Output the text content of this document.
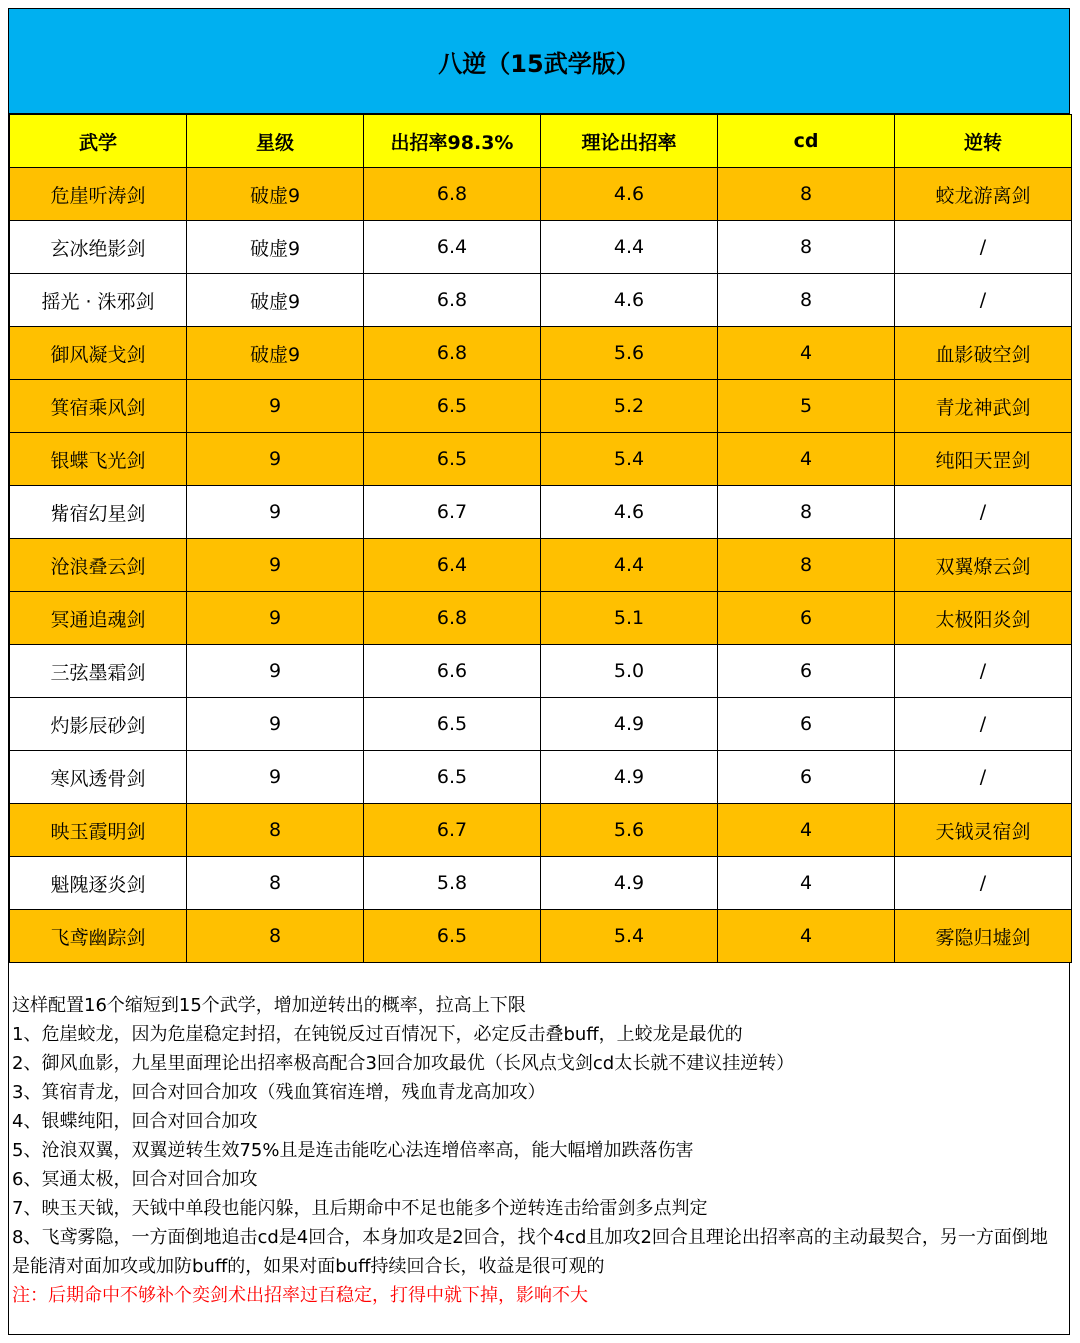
八逆（15武学版）
武学	星级	出招率98.3%	理论出招率	cd	逆转
危崖听涛剑	破虚9	6.8	4.6	8	蛟龙游离剑
玄冰绝影剑	破虚9	6.4	4.4	8	/
摇光 · 洙邪剑	破虚9	6.8	4.6	8	/
御风凝戈剑	破虚9	6.8	5.6	4	血影破空剑
箕宿乘风剑	9	6.5	5.2	5	青龙神武剑
银蝶飞光剑	9	6.5	5.4	4	纯阳天罡剑
觜宿幻星剑	9	6.7	4.6	8	/
沧浪叠云剑	9	6.4	4.4	8	双翼燎云剑
冥通追魂剑	9	6.8	5.1	6	太极阳炎剑
三弦墨霜剑	9	6.6	5.0	6	/
灼影辰砂剑	9	6.5	4.9	6	/
寒风透骨剑	9	6.5	4.9	6	/
映玉霞明剑	8	6.7	5.6	4	天钺灵宿剑
魁隗逐炎剑	8	5.8	4.9	4	/
飞鸢幽踪剑	8	6.5	5.4	4	雾隐归墟剑
这样配置16个缩短到15个武学，增加逆转出的概率，拉高上下限
1、危崖蛟龙，因为危崖稳定封招，在钝锐反过百情况下，必定反击叠buff，上蛟龙是最优的
2、御风血影，九星里面理论出招率极高配合3回合加攻最优（长风点戈剑cd太长就不建议挂逆转）
3、箕宿青龙，回合对回合加攻（残血箕宿连增，残血青龙高加攻）
4、银蝶纯阳，回合对回合加攻
5、沧浪双翼，双翼逆转生效75%且是连击能吃心法连增倍率高，能大幅增加跌落伤害
6、冥通太极，回合对回合加攻
7、映玉天钺，天钺中单段也能闪躲，且后期命中不足也能多个逆转连击给雷剑多点判定
8、飞鸢雾隐，一方面倒地追击cd是4回合，本身加攻是2回合，找个4cd且加攻2回合且理论出招率高的主动最契合，另一方面倒地是能清对面加攻或加防buff的，如果对面buff持续回合长，收益是很可观的
注：后期命中不够补个奕剑术出招率过百稳定，打得中就下掉，影响不大
